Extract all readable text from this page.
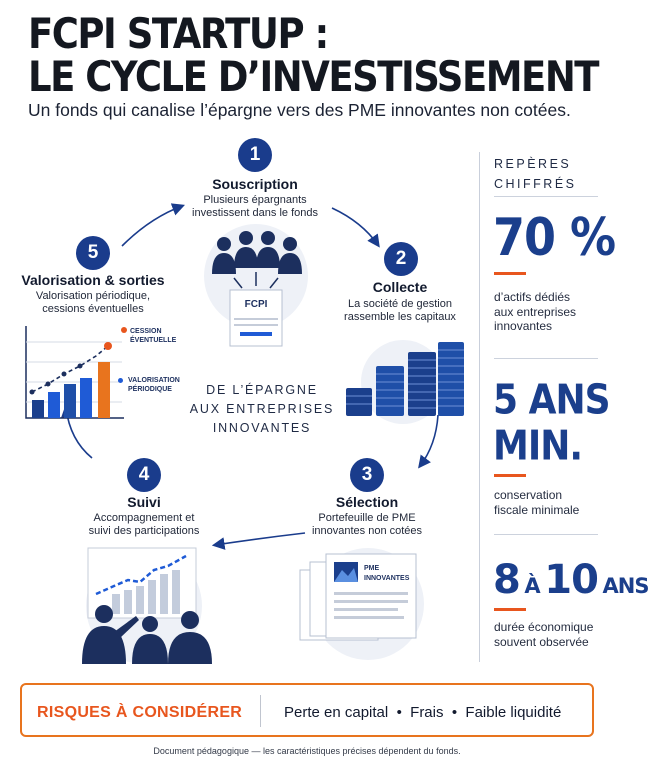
FCPI STARTUP :
LE CYCLE D’INVESTISSEMENT
Un fonds qui canalise l’épargne vers des PME innovantes non cotées.
1
Souscription
Plusieurs épargnants
investissent dans le fonds
FCPI
2
Collecte
La société de gestion
rassemble les capitaux
3
Sélection
Portefeuille de PME
innovantes non cotées
PME
INNOVANTES
4
Suivi
Accompagnement et
suivi des participations
5
Valorisation & sorties
Valorisation périodique,
cessions éventuelles
CESSION
ÉVENTUELLE
VALORISATION
PÉRIODIQUE	DE L’ÉPARGNE
AUX ENTREPRISES
INNOVANTES
REPÈRES
CHIFFRÉS
70 %
d’actifs dédiés
aux entreprises
innovantes
5 ANS
MIN.
conservation
fiscale minimale
8 À 10 ANS
durée économique
souvent observée
RISQUES À CONSIDÉRER	Perte en capital  •  Frais  •  Faible liquidité
Document pédagogique — les caractéristiques précises dépendent du fonds.
